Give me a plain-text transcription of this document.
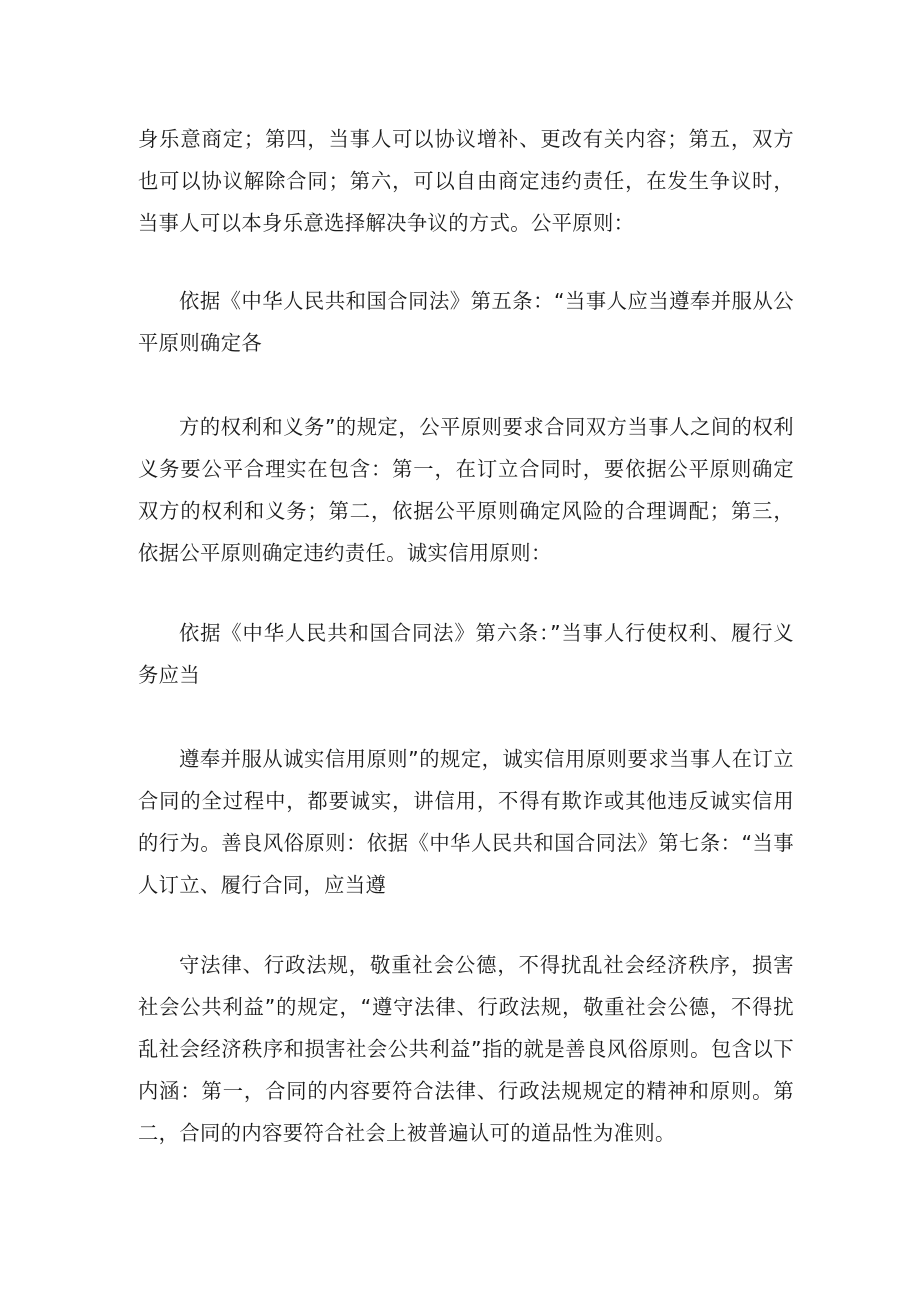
身乐意商定；第四，当事人可以协议增补、更改有关内容；第五，双方也可以协议解除合同；第六，可以自由商定违约责任，在发生争议时，当事人可以本身乐意选择解决争议的方式。公平原则：

依据《中华人民共和国合同法》第五条：“当事人应当遵奉并服从公平原则确定各

方的权利和义务”的规定，公平原则要求合同双方当事人之间的权利义务要公平合理实在包含：第一，在订立合同时，要依据公平原则确定双方的权利和义务；第二，依据公平原则确定风险的合理调配；第三，依据公平原则确定违约责任。诚实信用原则：

依据《中华人民共和国合同法》第六条：”当事人行使权利、履行义务应当

遵奉并服从诚实信用原则”的规定，诚实信用原则要求当事人在订立合同的全过程中，都要诚实，讲信用，不得有欺诈或其他违反诚实信用的行为。善良风俗原则：依据《中华人民共和国合同法》第七条：“当事人订立、履行合同，应当遵

守法律、行政法规，敬重社会公德，不得扰乱社会经济秩序，损害社会公共利益”的规定，“遵守法律、行政法规，敬重社会公德，不得扰乱社会经济秩序和损害社会公共利益”指的就是善良风俗原则。包含以下内涵：第一，合同的内容要符合法律、行政法规规定的精神和原则。第二，合同的内容要符合社会上被普遍认可的道品性为准则。
